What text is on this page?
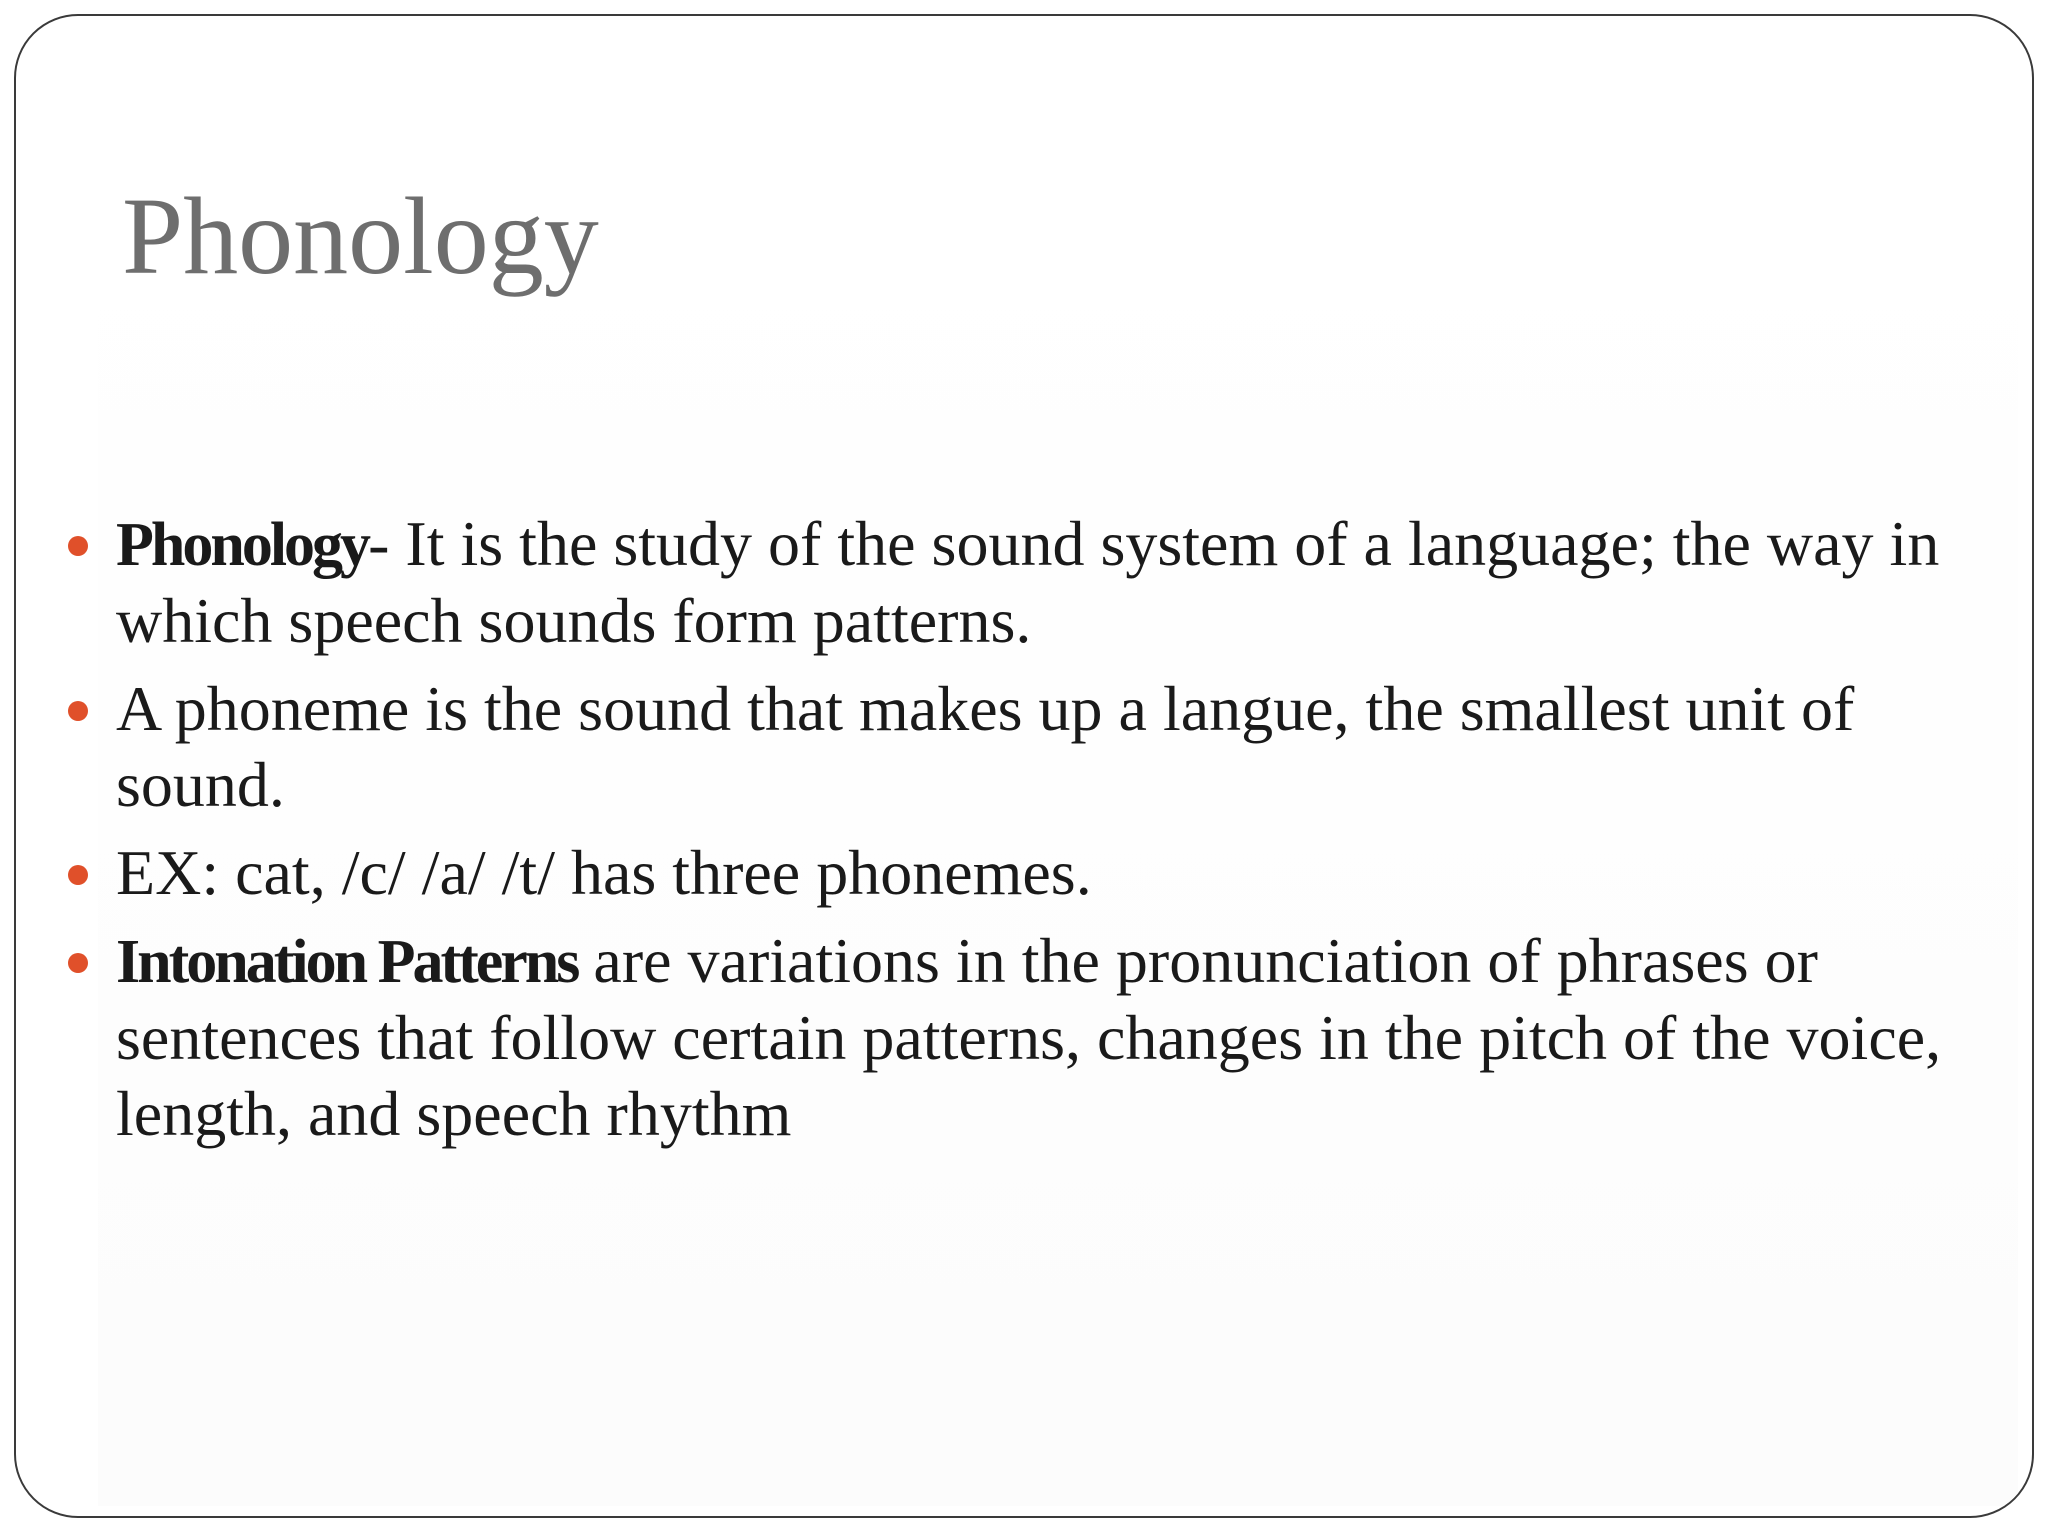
Phonology
Phonology- It is the study of the sound system of a language; the way in which speech sounds form patterns.
A phoneme is the sound that makes up a langue, the smallest unit of sound.
EX: cat, /c/ /a/ /t/ has three phonemes.
Intonation Patterns are variations in the pronunciation of phrases or sentences that follow certain patterns, changes in the pitch of the voice, length, and speech rhythm
